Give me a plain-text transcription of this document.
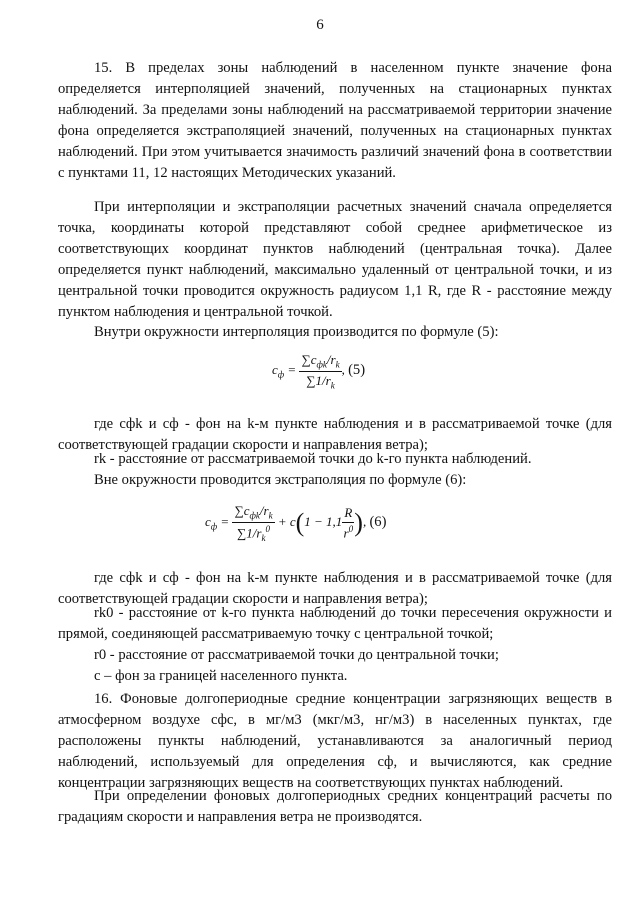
6

15. В пределах зоны наблюдений в населенном пункте значение фона определяется интерполяцией значений, полученных на стационарных пунктах наблюдений. За пределами зоны наблюдений на рассматриваемой территории значение фона определяется экстраполяцией значений, полученных на стационарных пунктах наблюдений. При этом учитывается значимость различий значений фона в соответствии с пунктами 11, 12 настоящих Методических указаний.

При интерполяции и экстраполяции расчетных значений сначала определяется точка, координаты которой представляют собой среднее арифметическое из соответствующих координат пунктов наблюдений (центральная точка). Далее определяется пункт наблюдений, максимально удаленный от центральной точки, и из центральной точки проводится окружность радиусом 1,1 R, где R - расстояние между пунктом наблюдения и центральной точкой.

Внутри окружности интерполяция производится по формуле (5):

$c_ф = \frac{\sum c_{фk}/r_k}{\sum 1/r_k}$ , (5)

где cфk и cф - фон на k-м пункте наблюдения и в рассматриваемой точке (для соответствующей градации скорости и направления ветра);

rk - расстояние от рассматриваемой точки до k-го пункта наблюдений.

Вне окружности проводится экстраполяция по формуле (6):

$c_ф = \frac{\sum c_{фk}/r_k}{\sum 1/r_k^0} + c(1 - 1,1 \frac{R}{r^0}$ ), (6)

где cфk и cф - фон на k-м пункте наблюдения и в рассматриваемой точке (для соответствующей градации скорости и направления ветра);

rk0 - расстояние от k-го пункта наблюдений до точки пересечения окружности и прямой, соединяющей рассматриваемую точку с центральной точкой;

r0 - расстояние от рассматриваемой точки до центральной точки;

c – фон за границей населенного пункта.

16. Фоновые долгопериодные средние концентрации загрязняющих веществ в атмосферном воздухе cфс, в мг/м3 (мкг/м3, нг/м3) в населенных пунктах, где расположены пункты наблюдений, устанавливаются за аналогичный период наблюдений, используемый для определения cф, и вычисляются, как средние концентрации загрязняющих веществ на соответствующих пунктах наблюдений.

При определении фоновых долгопериодных средних концентраций расчеты по градациям скорости и направления ветра не производятся.
